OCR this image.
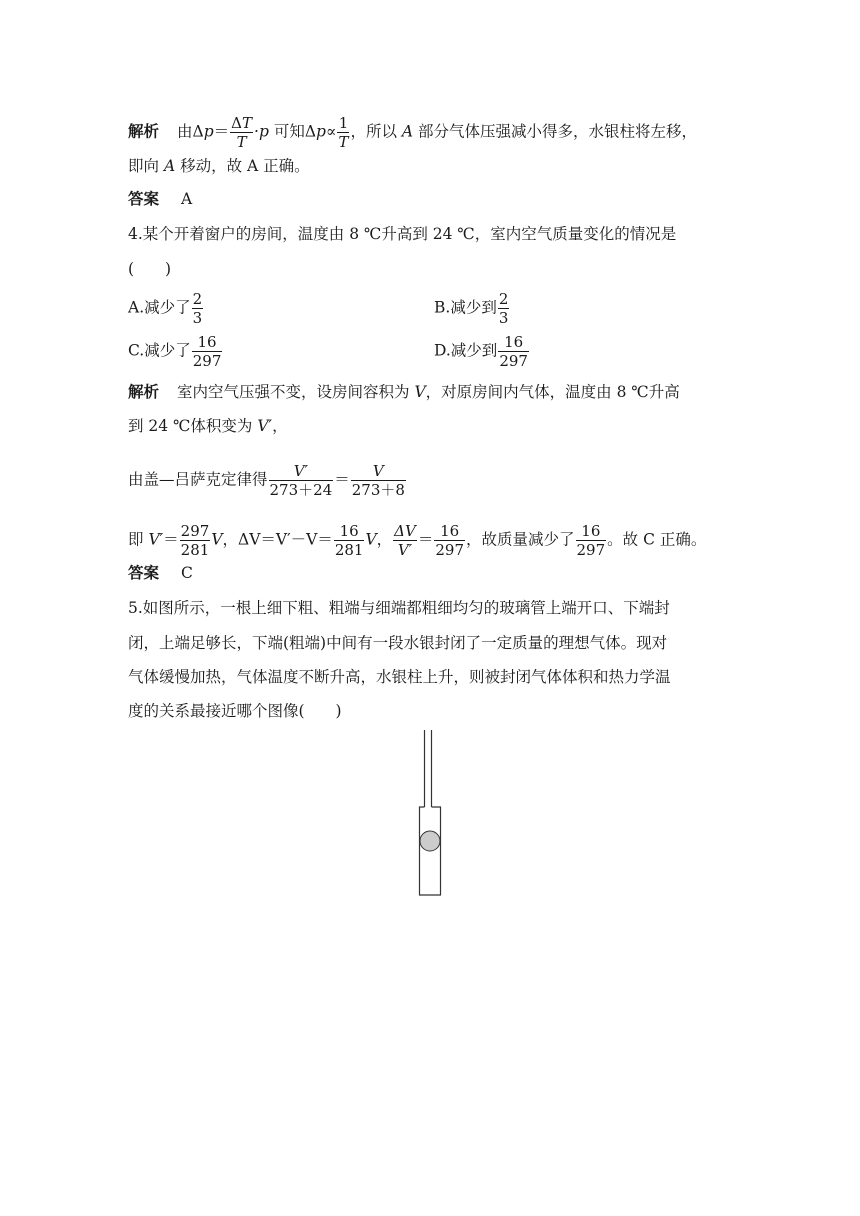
解析 由$\Delta p= \frac{\Delta T}{T} \cdot p$ 可知$\Delta p\propto \frac{1}{T}$ ，所以 A 部分气体压强减小得多，水银柱将左移，
即向 A 移动，故 A 正确。
答案 A
4.某个开着窗户的房间，温度由 8 ℃升高到 24 ℃，室内空气质量变化的情况是
(　　)
A.减少了 $\frac{2}{3}$	B.减少到 $\frac{2}{3}$
C.减少了 $\frac{16}{297}$	D.减少到 $\frac{16}{297}$
解析 室内空气压强不变，设房间容积为 V，对原房间内气体，温度由 8 ℃升高
到 24 ℃体积变为 V′，
由盖—吕萨克定律得 $\frac{V'}{273+24} = \frac{V}{273+8}$
即 $V'= \frac{297}{281}$ V，$\Delta V=V'-V= \frac{16}{281}$ V， $\frac{\Delta V}{V'} = \frac{16}{297}$ ，故质量减少了 $\frac{16}{297}$ 。故 C 正确。
答案 C
5.如图所示，一根上细下粗、粗端与细端都粗细均匀的玻璃管上端开口、下端封
闭，上端足够长，下端(粗端)中间有一段水银封闭了一定质量的理想气体。现对
气体缓慢加热，气体温度不断升高，水银柱上升，则被封闭气体体积和热力学温
度的关系最接近哪个图像(　　)
